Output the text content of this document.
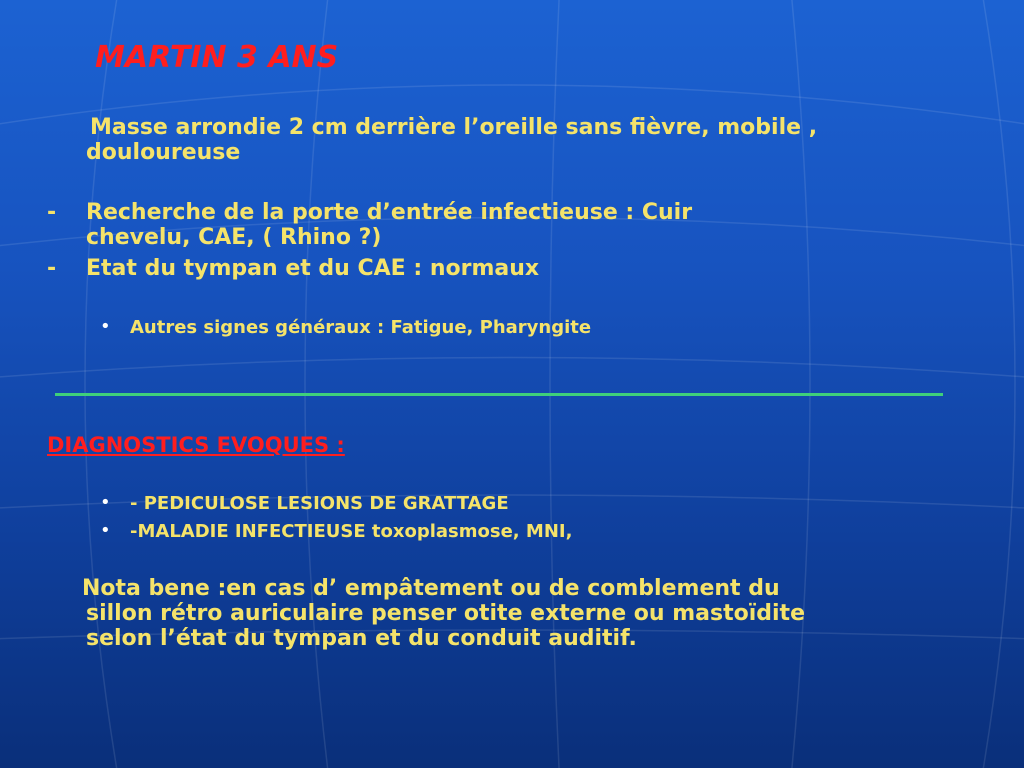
MARTIN 3 ANS
Masse arrondie 2 cm derrière l’oreille sans fièvre, mobile ,
douloureuse
- Recherche de la porte d’entrée infectieuse : Cuir
chevelu, CAE, ( Rhino ?)
- Etat du tympan et du CAE : normaux
• Autres signes généraux : Fatigue, Pharyngite
DIAGNOSTICS EVOQUES :
• - PEDICULOSE LESIONS DE GRATTAGE
• -MALADIE INFECTIEUSE toxoplasmose, MNI,
Nota bene :en cas d’ empâtement ou de comblement du
sillon rétro auriculaire penser otite externe ou mastoïdite
selon l’état du tympan et du conduit auditif.
